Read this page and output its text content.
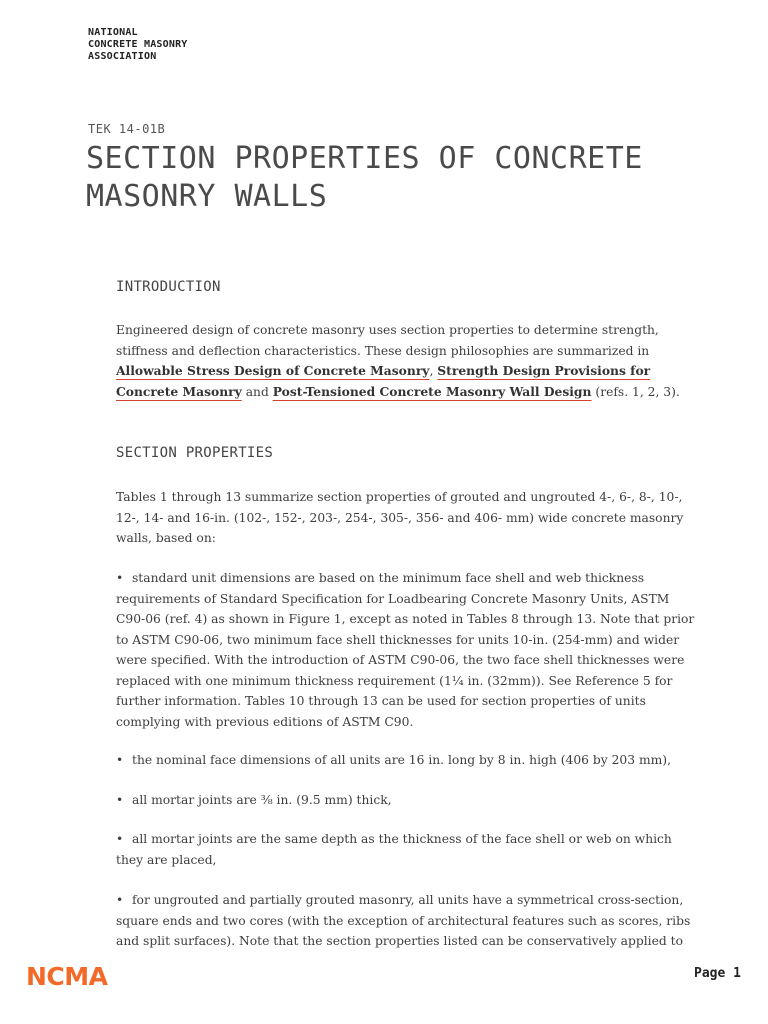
NATIONAL
CONCRETE MASONRY
ASSOCIATION
TEK 14-01B
SECTION PROPERTIES OF CONCRETE
MASONRY WALLS
INTRODUCTION

Engineered design of concrete masonry uses section properties to determine strength, stiffness and deflection characteristics. These design philosophies are summarized in Allowable Stress Design of Concrete Masonry, Strength Design Provisions for Concrete Masonry and Post-Tensioned Concrete Masonry Wall Design (refs. 1, 2, 3).

SECTION PROPERTIES

Tables 1 through 13 summarize section properties of grouted and ungrouted 4-, 6-, 8-, 10-, 12-, 14- and 16-in. (102-, 152-, 203-, 254-, 305-, 356- and 406- mm) wide concrete masonry walls, based on:

• standard unit dimensions are based on the minimum face shell and web thickness requirements of Standard Specification for Loadbearing Concrete Masonry Units, ASTM C90-06 (ref. 4) as shown in Figure 1, except as noted in Tables 8 through 13. Note that prior to ASTM C90-06, two minimum face shell thicknesses for units 10-in. (254-mm) and wider were specified. With the introduction of ASTM C90-06, the two face shell thicknesses were replaced with one minimum thickness requirement (1¼ in. (32mm)). See Reference 5 for further information. Tables 10 through 13 can be used for section properties of units complying with previous editions of ASTM C90.

• the nominal face dimensions of all units are 16 in. long by 8 in. high (406 by 203 mm),

• all mortar joints are ⅜ in. (9.5 mm) thick,

• all mortar joints are the same depth as the thickness of the face shell or web on which they are placed,

• for ungrouted and partially grouted masonry, all units have a symmetrical cross-section, square ends and two cores (with the exception of architectural features such as scores, ribs and split surfaces). Note that the section properties listed can be conservatively applied to

NCMA	Page 1
